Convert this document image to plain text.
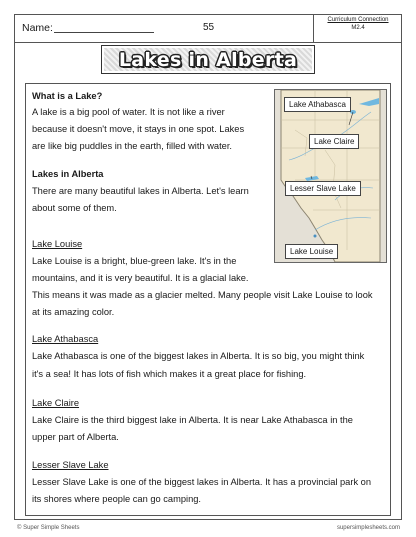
Name:	55
Curriculum Connection
M2.4
Lakes in Alberta
What is a Lake?
A lake is a big pool of water. It is not like a river
because it doesn't move, it stays in one spot. Lakes
are like big puddles in the earth, filled with water.
Lakes in Alberta
There are many beautiful lakes in Alberta. Let's learn
about some of them.
Lake Louise
Lake Louise is a bright, blue-green lake. It's in the
mountains, and it is very beautiful. It is a glacial lake.
This means it was made as a glacier melted. Many people visit Lake Louise to look
at its amazing color.
Lake Athabasca
Lake Athabasca is one of the biggest lakes in Alberta. It is so big, you might think
it's a sea! It has lots of fish which makes it a great place for fishing.
Lake Claire
Lake Claire is the third biggest lake in Alberta. It is near Lake Athabasca in the
upper part of Alberta.
Lesser Slave Lake
Lesser Slave Lake is one of the biggest lakes in Alberta. It has a provincial park on
its shores where people can go camping.
Lake Athabasca
Lake Claire
Lesser Slave Lake
Lake Louise
© Super Simple Sheets	supersimplesheets.com
